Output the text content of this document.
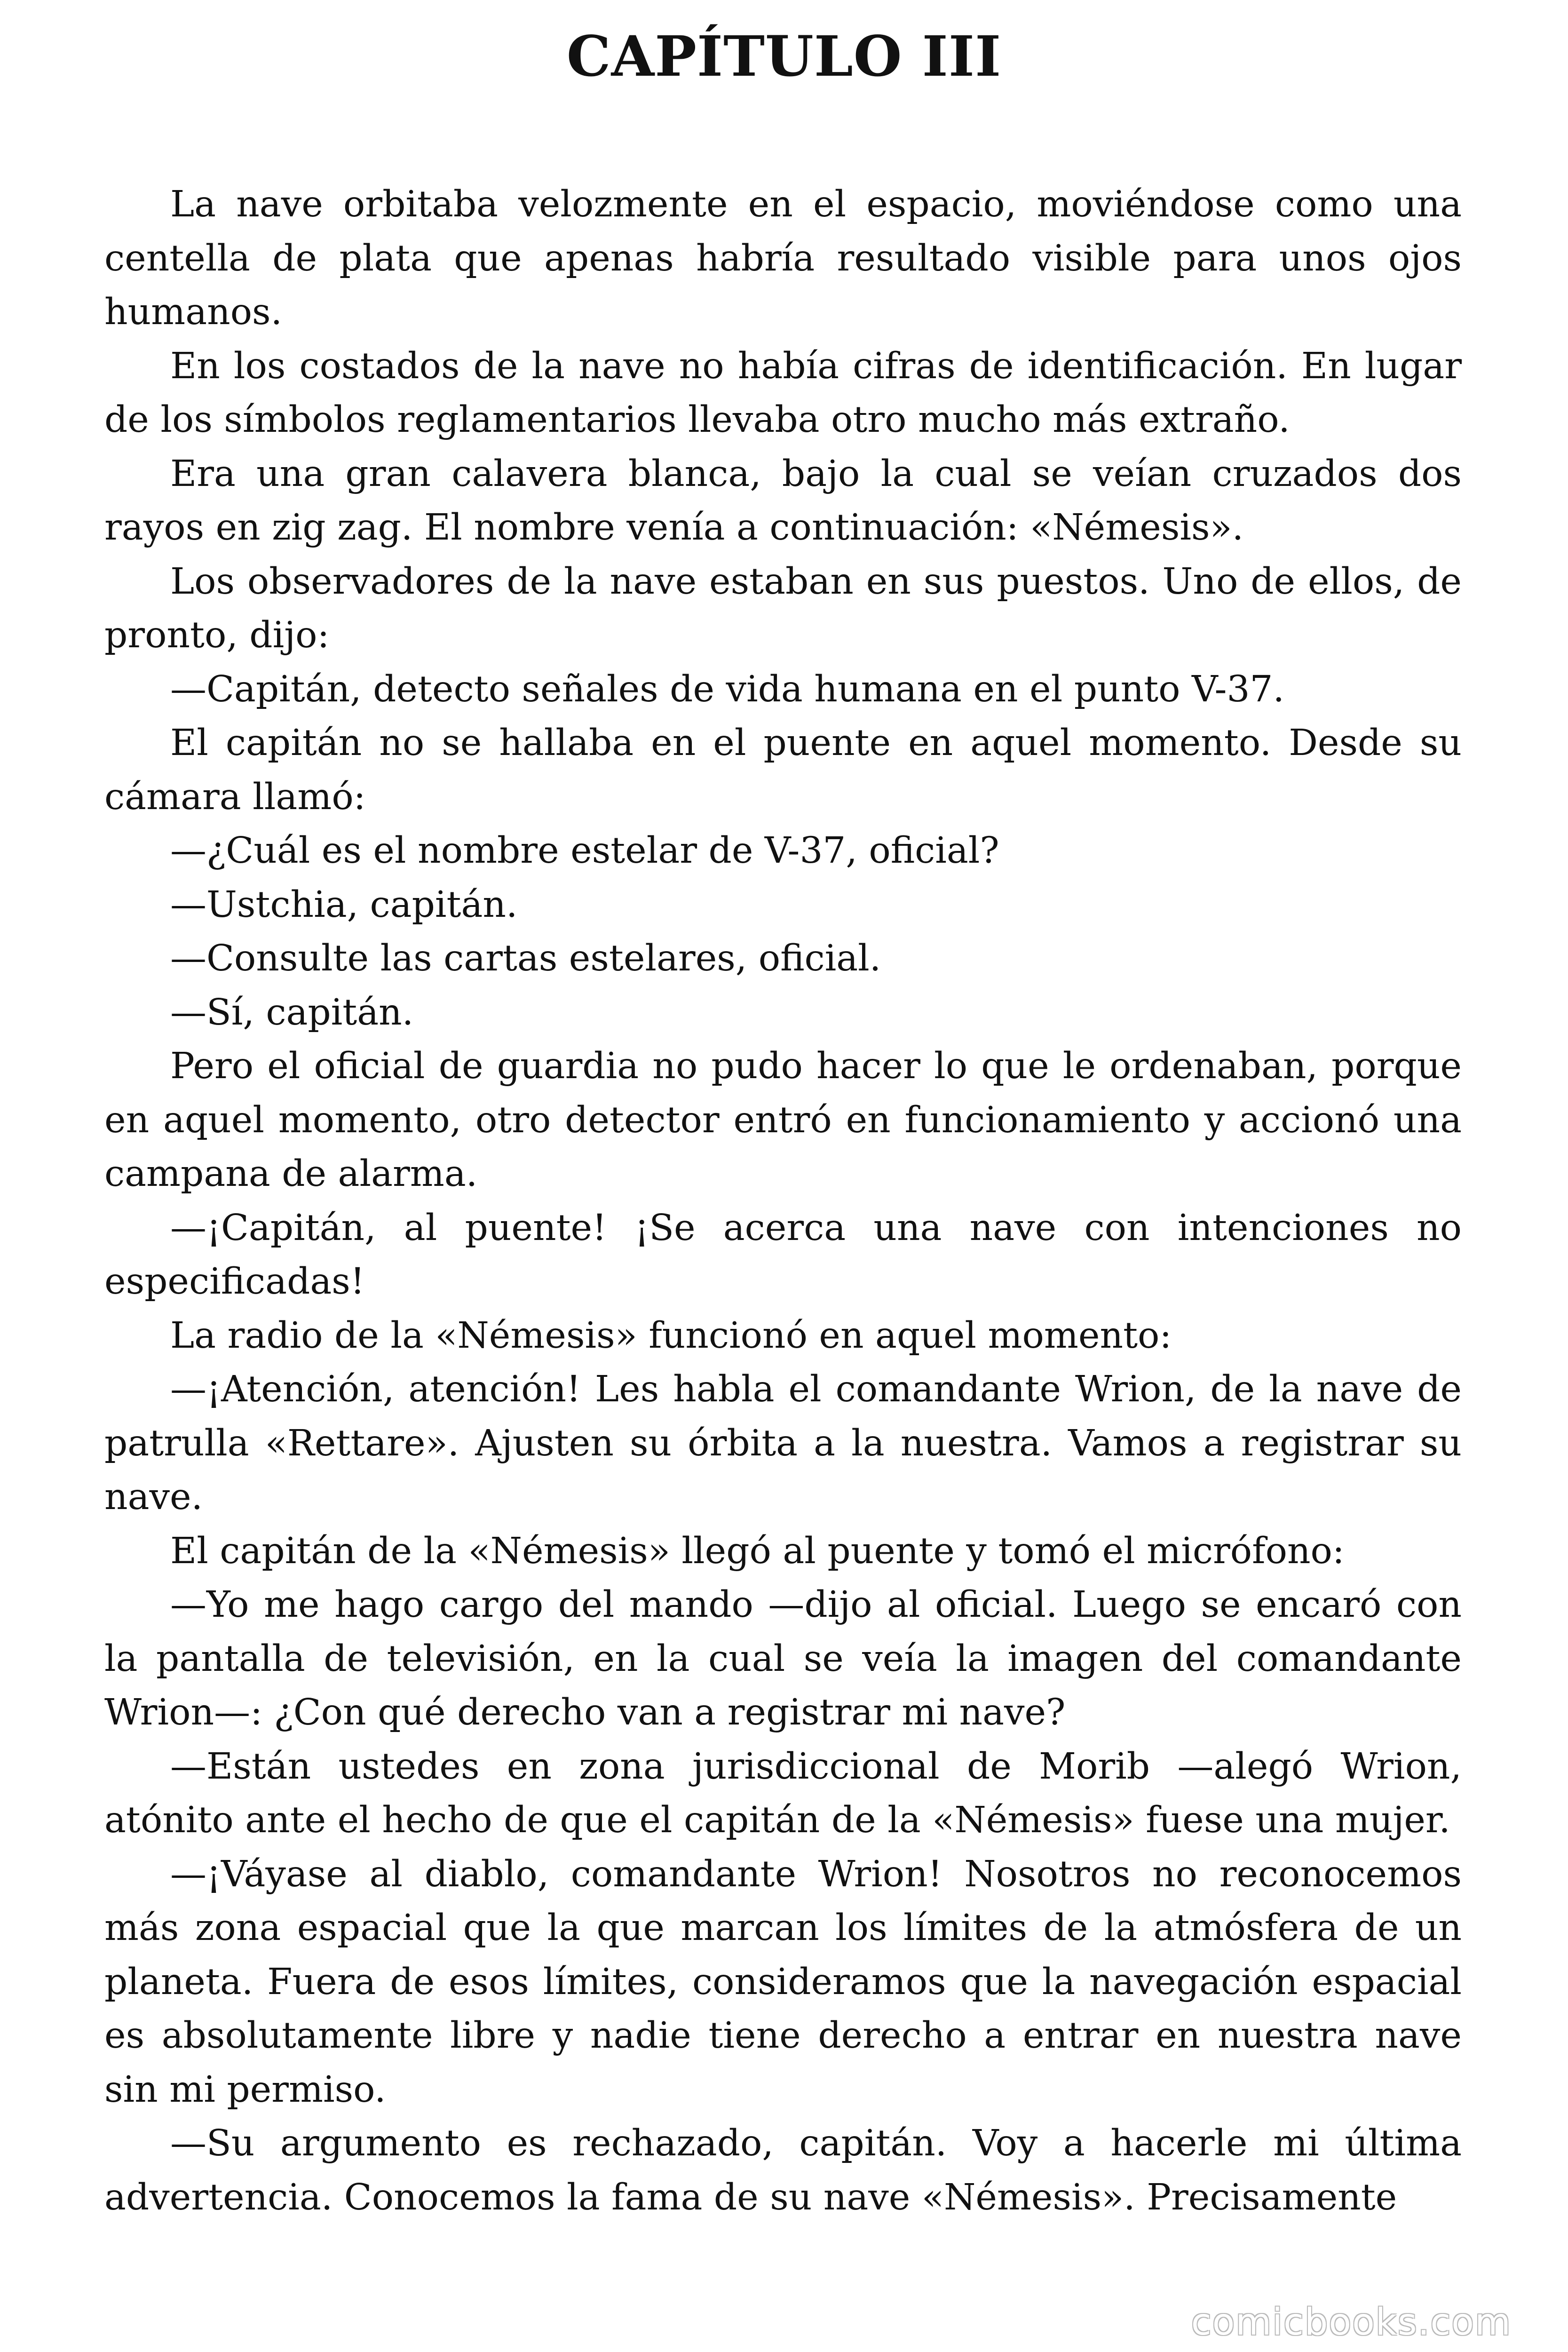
CAPÍTULO III

La nave orbitaba velozmente en el espacio, moviéndose como una centella de plata que apenas habría resultado visible para unos ojos humanos.

En los costados de la nave no había cifras de identificación. En lugar de los símbolos reglamentarios llevaba otro mucho más extraño.

Era una gran calavera blanca, bajo la cual se veían cruzados dos rayos en zig zag. El nombre venía a continuación: «Némesis».

Los observadores de la nave estaban en sus puestos. Uno de ellos, de pronto, dijo:

—Capitán, detecto señales de vida humana en el punto V-37.

El capitán no se hallaba en el puente en aquel momento. Desde su cámara llamó:

—¿Cuál es el nombre estelar de V-37, oficial?

—Ustchia, capitán.

—Consulte las cartas estelares, oficial.

—Sí, capitán.

Pero el oficial de guardia no pudo hacer lo que le ordenaban, porque en aquel momento, otro detector entró en funcionamiento y accionó una campana de alarma.

—¡Capitán, al puente! ¡Se acerca una nave con intenciones no especificadas!

La radio de la «Némesis» funcionó en aquel momento:

—¡Atención, atención! Les habla el comandante Wrion, de la nave de patrulla «Rettare». Ajusten su órbita a la nuestra. Vamos a registrar su nave.

El capitán de la «Némesis» llegó al puente y tomó el micrófono:

—Yo me hago cargo del mando —dijo al oficial. Luego se encaró con la pantalla de televisión, en la cual se veía la imagen del comandante Wrion—: ¿Con qué derecho van a registrar mi nave?

—Están ustedes en zona jurisdiccional de Morib —alegó Wrion, atónito ante el hecho de que el capitán de la «Némesis» fuese una mujer.

—¡Váyase al diablo, comandante Wrion! Nosotros no reconocemos más zona espacial que la que marcan los límites de la atmósfera de un planeta. Fuera de esos límites, consideramos que la navegación espacial es absolutamente libre y nadie tiene derecho a entrar en nuestra nave sin mi permiso.

—Su argumento es rechazado, capitán. Voy a hacerle mi última advertencia. Conocemos la fama de su nave «Némesis». Precisamente

comicbooks.com
